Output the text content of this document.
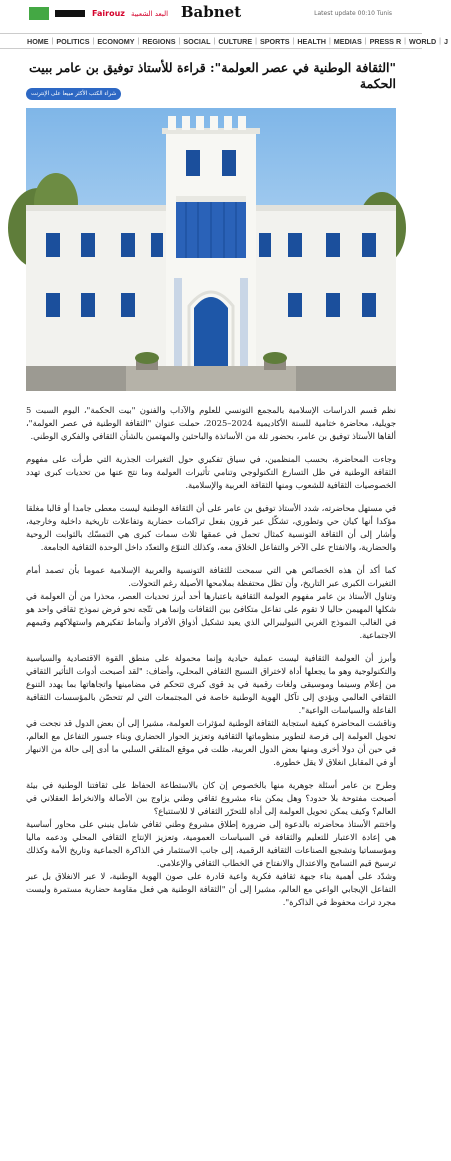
Fairouz البعد الشعبية Babnet	Latest update 00:10 Tunis
HOME | POLITICS | ECONOMY | REGIONS | SOCIAL | CULTURE | SPORTS | HEALTH | MEDIAS | PRESS R | WORLD | J
"الثقافة الوطنية في عصر العولمة": قراءة للأستاذ توفيق بن عامر ببيت الحكمة
شراء الكتب الأكثر مبيعا على الإنترنت

نظم قسم الدراسات الإسلامية بالمجمع التونسي للعلوم والآداب والفنون "بيت الحكمة"، اليوم السبت 5 جويلية، محاضرة ختامية للسنة الأكاديمية 2024–2025، حملت عنوان "الثقافة الوطنية في عصر العولمة"، ألقاها الأستاذ توفيق بن عامر، بحضور ثلة من الأساتذة والباحثين والمهتمين بالشأن الثقافي والفكري الوطني.

وجاءت المحاضرة، بحسب المنظمين، في سياق تفكيري حول التغيرات الجذرية التي طرأت على مفهوم الثقافة الوطنية في ظل التسارع التكنولوجي وتنامي تأثيرات العولمة وما نتج عنها من تحديات كبرى تهدد الخصوصيات الثقافية للشعوب ومنها الثقافة العربية والإسلامية.

في مستهل محاضرته، شدد الأستاذ توفيق بن عامر على أن الثقافة الوطنية ليست معطى جامدا أو قالبا مغلقا مؤكدا أنها كيان حي وتطوري، تشكّل عبر قرون بفعل تراكمات حضارية وتفاعلات تاريخية داخلية وخارجية، وأشار إلى أن الثقافة التونسية كمثال تحمل في عمقها ثلاث سمات كبرى هي التمسّك بالثوابت الروحية والحضارية، والانفتاح على الآخر والتفاعل الخلاق معه، وكذلك التنوّع والتعدّد داخل الوحدة الثقافية الجامعة.

كما أكد أن هذه الخصائص هي التي سمحت للثقافة التونسية والعربية الإسلامية عموما بأن تصمد أمام التغيرات الكبرى عبر التاريخ، وأن تظل محتفظة بملامحها الأصيلة رغم التحولات.

وتناول الأستاذ بن عامر مفهوم العولمة الثقافية باعتبارها أحد أبرز تحديات العصر، محذرا من أن العولمة في شكلها المهيمن حاليا لا تقوم على تفاعل متكافئ بين الثقافات وإنما هي تتّجه نحو فرض نموذج ثقافي واحد هو في الغالب النموذج الغربي النيوليبرالي الذي يعيد تشكيل أذواق الأفراد وأنماط تفكيرهم واستهلاكهم وقيمهم الاجتماعية.

وأبرز أن العولمة الثقافية ليست عملية حيادية وإنما محمولة على منطق القوة الاقتصادية والسياسية والتكنولوجية وهو ما يجعلها أداة لاختراق النسيج الثقافي المحلي، وأضاف: "لقد أصبحت أدوات التأثير الثقافي من إعلام وسينما وموسيقى ولغات رقمية في يد قوى كبرى تتحكم في مضامينها واتجاهاتها بما يهدد التنوع الثقافي العالمي ويؤدي إلى تآكل الهوية الوطنية خاصة في المجتمعات التي لم تتحصّن بالمؤسسات الثقافية الفاعلة والسياسات الواعية".

وناقشت المحاضرة كيفية استجابة الثقافة الوطنية لمؤثرات العولمة، مشيرا إلى أن بعض الدول قد نجحت في تحويل العولمة إلى فرصة لتطوير منظوماتها الثقافية وتعزيز الحوار الحضاري وبناء جسور التفاعل مع العالم، في حين أن دولا أخرى ومنها بعض الدول العربية، ظلت في موقع المتلقي السلبي ما أدى إلى حالة من الانبهار أو في المقابل انغلاق لا يقل خطورة.

وطرح بن عامر أسئلة جوهرية منها بالخصوص إن كان بالاستطاعة الحفاظ على ثقافتنا الوطنية في بيئة أصبحت مفتوحة بلا حدود؟ وهل يمكن بناء مشروع ثقافي وطني يزاوج بين الأصالة والانخراط العقلاني في العالم؟ وكيف يمكن تحويل العولمة إلى أداة للتحرّر الثقافي لا للاستتباع؟

واختتم الأستاذ محاضرته بالدعوة إلى ضرورة إطلاق مشروع وطني ثقافي شامل ينبني على محاور أساسية هي إعادة الاعتبار للتعليم والثقافة في السياسات العمومية، وتعزيز الإنتاج الثقافي المحلي ودعمه ماليا ومؤسساتيا وتشجيع الصناعات الثقافية الرقمية، إلى جانب الاستثمار في الذاكرة الجماعية وتاريخ الأمة وكذلك ترسيخ قيم التسامح والاعتدال والانفتاح في الخطاب الثقافي والإعلامي.

وشدّد على أهمية بناء جبهة ثقافية فكرية واعية قادرة على صون الهوية الوطنية، لا عبر الانغلاق بل عبر التفاعل الإيجابي الواعي مع العالم، مشيرا إلى أن "الثقافة الوطنية هي فعل مقاومة حضارية مستمرة وليست مجرد تراث محفوظ في الذاكرة".
